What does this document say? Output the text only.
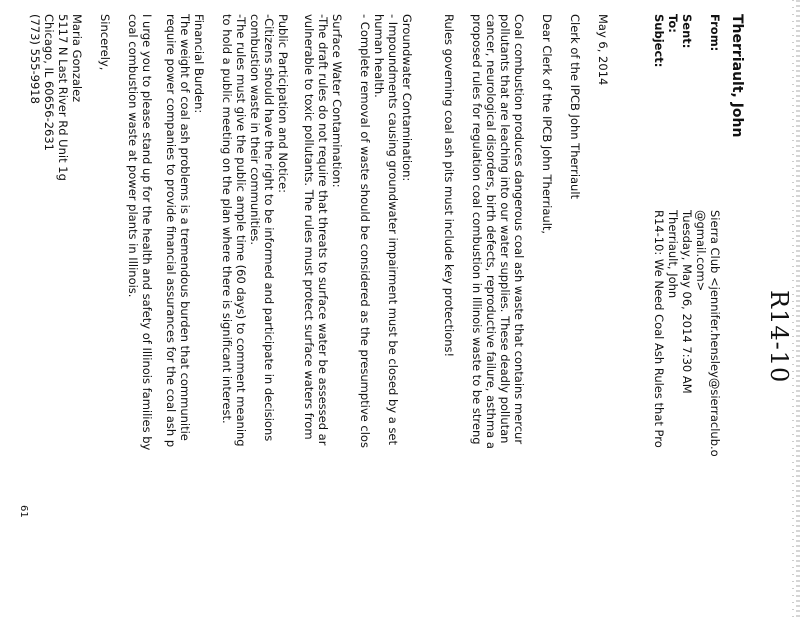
R14-10
Therriault, John
From:
Sierra Club <jennifer.hensley@sierraclub.o
@gmail.com>
Sent:
Tuesday, May 06, 2014 7:30 AM
To:
Therriault, John
Subject:
R14-10: We Need Coal Ash Rules that Pro
May 6, 2014
Clerk of the IPCB John Therriault
Dear Clerk of the IPCB John Therriault,
Coal combustion produces dangerous coal ash waste that contains mercur
pollutants that are leaching into our water supplies. These deadly pollutan
cancer, neurological disorders, birth defects, reproductive failure, asthma a
proposed rules for regulation coal combustion in Illinois waste to be streng
Rules governing coal ash pits must include key protections!
Groundwater Contamination:
- Impoundments causing groundwater impairment must be closed by a set
human health.
- Complete removal of waste should be considered as the presumptive clos
Surface Water Contamination:
-The draft rules do not require that threats to surface water be assessed ar
vulnerable to toxic pollutants. The rules must protect surface waters from
Public Participation and Notice:
-Citizens should have the right to be informed and participate in decisions
combustion waste in their communities.
-The rules must give the public ample time (60 days) to comment meaning
to hold a public meeting on the plan where there is significant interest.
Financial Burden:
The weight of coal ash problems is a tremendous burden that communitie
require power companies to provide financial assurances for the coal ash p
I urge you to please stand up for the health and safety of Illinois families by
coal combustion waste at power plants in Illinois.
Sincerely,
Maria Gonzalez
5117 N Last River Rd Unit 1g
Chicago, IL 60656-2631
(773) 555-9918
61
